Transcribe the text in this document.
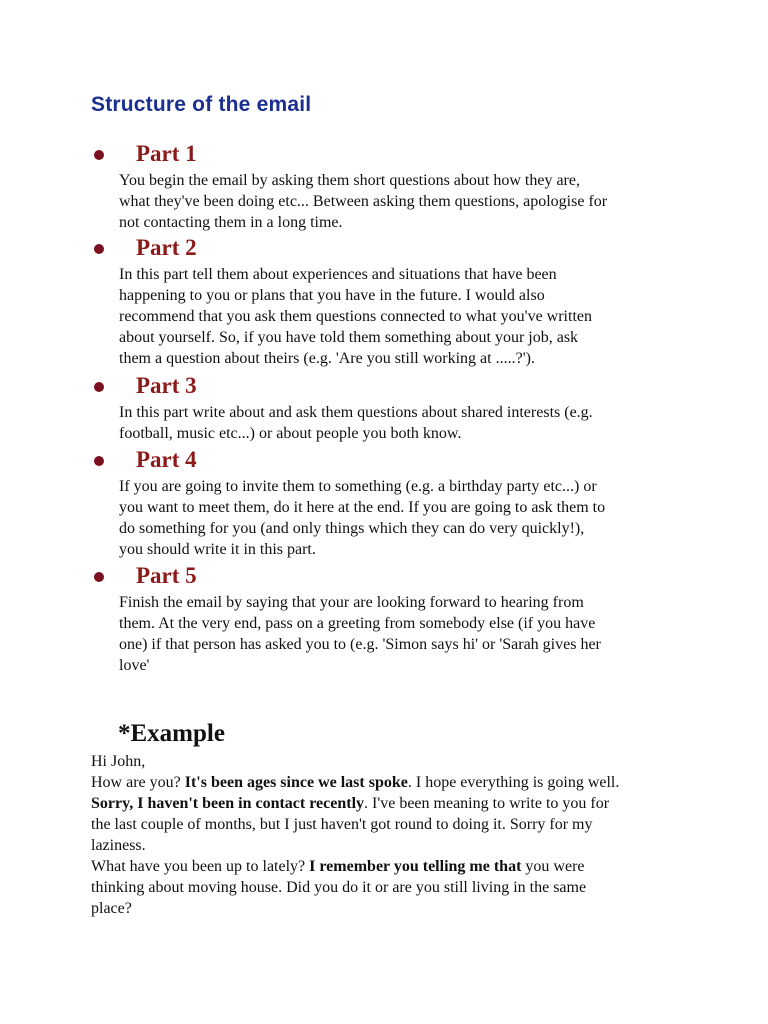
Structure of the email
Part 1

You begin the email by asking them short questions about how they are,
what they've been doing etc... Between asking them questions, apologise for
not contacting them in a long time.

Part 2

In this part tell them about experiences and situations that have been
happening to you or plans that you have in the future. I would also
recommend that you ask them questions connected to what you've written
about yourself. So, if you have told them something about your job, ask
them a question about theirs (e.g. 'Are you still working at .....?').

Part 3

In this part write about and ask them questions about shared interests (e.g.
football, music etc...) or about people you both know.

Part 4

If you are going to invite them to something (e.g. a birthday party etc...) or
you want to meet them, do it here at the end. If you are going to ask them to
do something for you (and only things which they can do very quickly!),
you should write it in this part.

Part 5

Finish the email by saying that your are looking forward to hearing from
them. At the very end, pass on a greeting from somebody else (if you have
one) if that person has asked you to (e.g. 'Simon says hi' or 'Sarah gives her
love'

*Example
Hi John,
How are you? It's been ages since we last spoke. I hope everything is going well.
Sorry, I haven't been in contact recently. I've been meaning to write to you for
the last couple of months, but I just haven't got round to doing it. Sorry for my
laziness.
What have you been up to lately? I remember you telling me that you were
thinking about moving house. Did you do it or are you still living in the same
place?
